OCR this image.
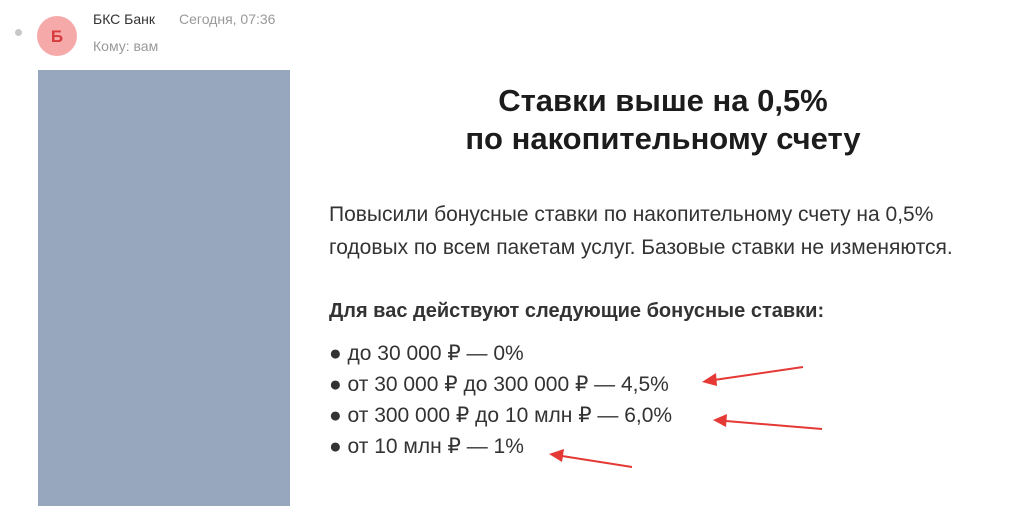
Б
БКС Банк Сегодня, 07:36
Кому: вам
Ставки выше на 0,5%
по накопительному счету
Повысили бонусные ставки по накопительному счету на 0,5%
годовых по всем пакетам услуг. Базовые ставки не изменяются.
Для вас действуют следующие бонусные ставки:
● до 30 000 ₽ — 0%
● от 30 000 ₽ до 300 000 ₽ — 4,5%
● от 300 000 ₽ до 10 млн ₽ — 6,0%
● от 10 млн ₽ — 1%
